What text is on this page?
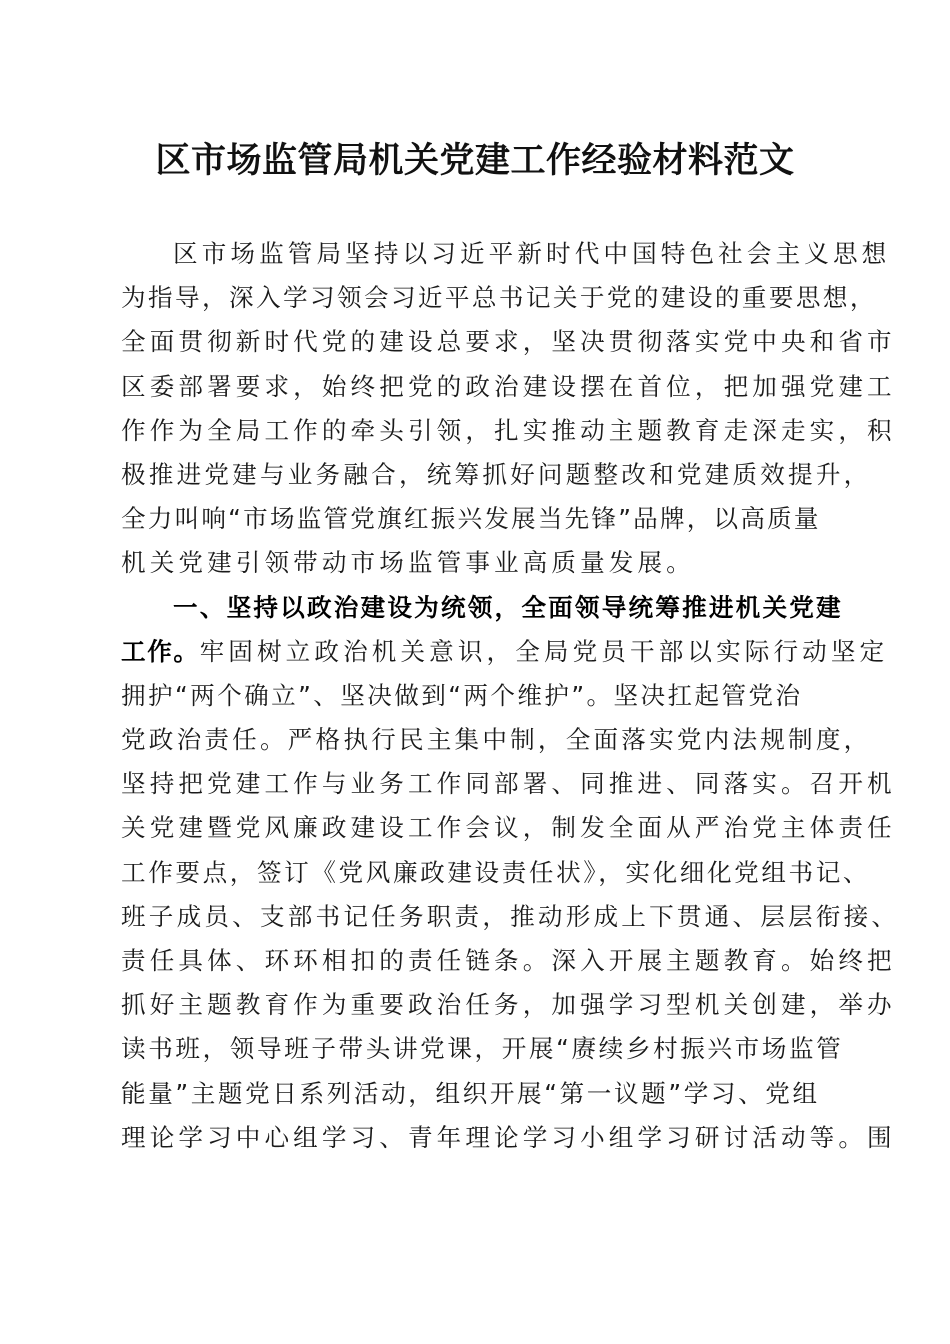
区市场监管局机关党建工作经验材料范文
区市场监管局坚持以习近平新时代中国特色社会主义思想
为指导，深入学习领会习近平总书记关于党的建设的重要思想，
全面贯彻新时代党的建设总要求，坚决贯彻落实党中央和省市
区委部署要求，始终把党的政治建设摆在首位，把加强党建工
作作为全局工作的牵头引领，扎实推动主题教育走深走实，积
极推进党建与业务融合，统筹抓好问题整改和党建质效提升，
全力叫响“市场监管党旗红振兴发展当先锋”品牌，以高质量
机关党建引领带动市场监管事业高质量发展。
一、坚持以政治建设为统领，全面领导统筹推进机关党建
工作。牢固树立政治机关意识，全局党员干部以实际行动坚定
拥护“两个确立”、坚决做到“两个维护”。坚决扛起管党治
党政治责任。严格执行民主集中制，全面落实党内法规制度，
坚持把党建工作与业务工作同部署、同推进、同落实。召开机
关党建暨党风廉政建设工作会议，制发全面从严治党主体责任
工作要点，签订《党风廉政建设责任状》，实化细化党组书记、
班子成员、支部书记任务职责，推动形成上下贯通、层层衔接、
责任具体、环环相扣的责任链条。深入开展主题教育。始终把
抓好主题教育作为重要政治任务，加强学习型机关创建，举办
读书班，领导班子带头讲党课，开展“赓续乡村振兴市场监管
能量”主题党日系列活动，组织开展“第一议题”学习、党组
理论学习中心组学习、青年理论学习小组学习研讨活动等。围
